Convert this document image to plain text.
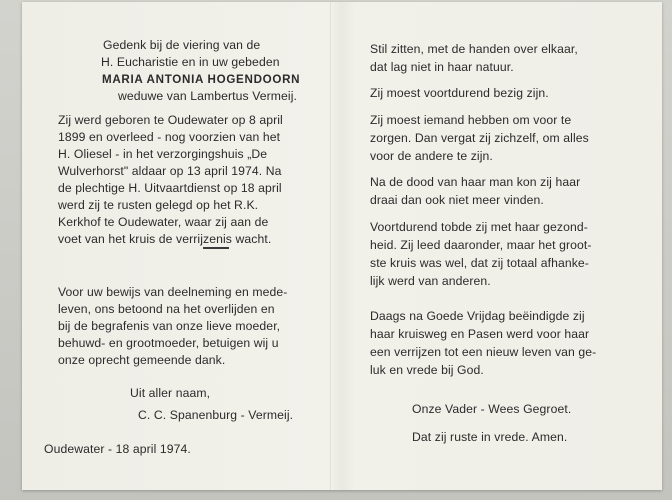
Gedenk bij de viering van de
H. Eucharistie en in uw gebeden
MARIA ANTONIA HOGENDOORN
weduwe van Lambertus Vermeij.
Zij werd geboren te Oudewater op 8 april
1899 en overleed - nog voorzien van het
H. Oliesel - in het verzorgingshuis „De
Wulverhorst" aldaar op 13 april 1974. Na
de plechtige H. Uitvaartdienst op 18 april
werd zij te rusten gelegd op het R.K.
Kerkhof te Oudewater, waar zij aan de
voet van het kruis de verrijzenis wacht.
Voor uw bewijs van deelneming en mede-
leven, ons betoond na het overlijden en
bij de begrafenis van onze lieve moeder,
behuwd- en grootmoeder, betuigen wij u
onze oprecht gemeende dank.
Uit aller naam,
C. C. Spanenburg - Vermeij.
Oudewater - 18 april 1974.
Stil zitten, met de handen over elkaar,
dat lag niet in haar natuur.
Zij moest voortdurend bezig zijn.
Zij moest iemand hebben om voor te
zorgen. Dan vergat zij zichzelf, om alles
voor de andere te zijn.
Na de dood van haar man kon zij haar
draai dan ook niet meer vinden.
Voortdurend tobde zij met haar gezond-
heid. Zij leed daaronder, maar het groot-
ste kruis was wel, dat zij totaal afhanke-
lijk werd van anderen.
Daags na Goede Vrijdag beëindigde zij
haar kruisweg en Pasen werd voor haar
een verrijzen tot een nieuw leven van ge-
luk en vrede bij God.
Onze Vader - Wees Gegroet.
Dat zij ruste in vrede. Amen.
